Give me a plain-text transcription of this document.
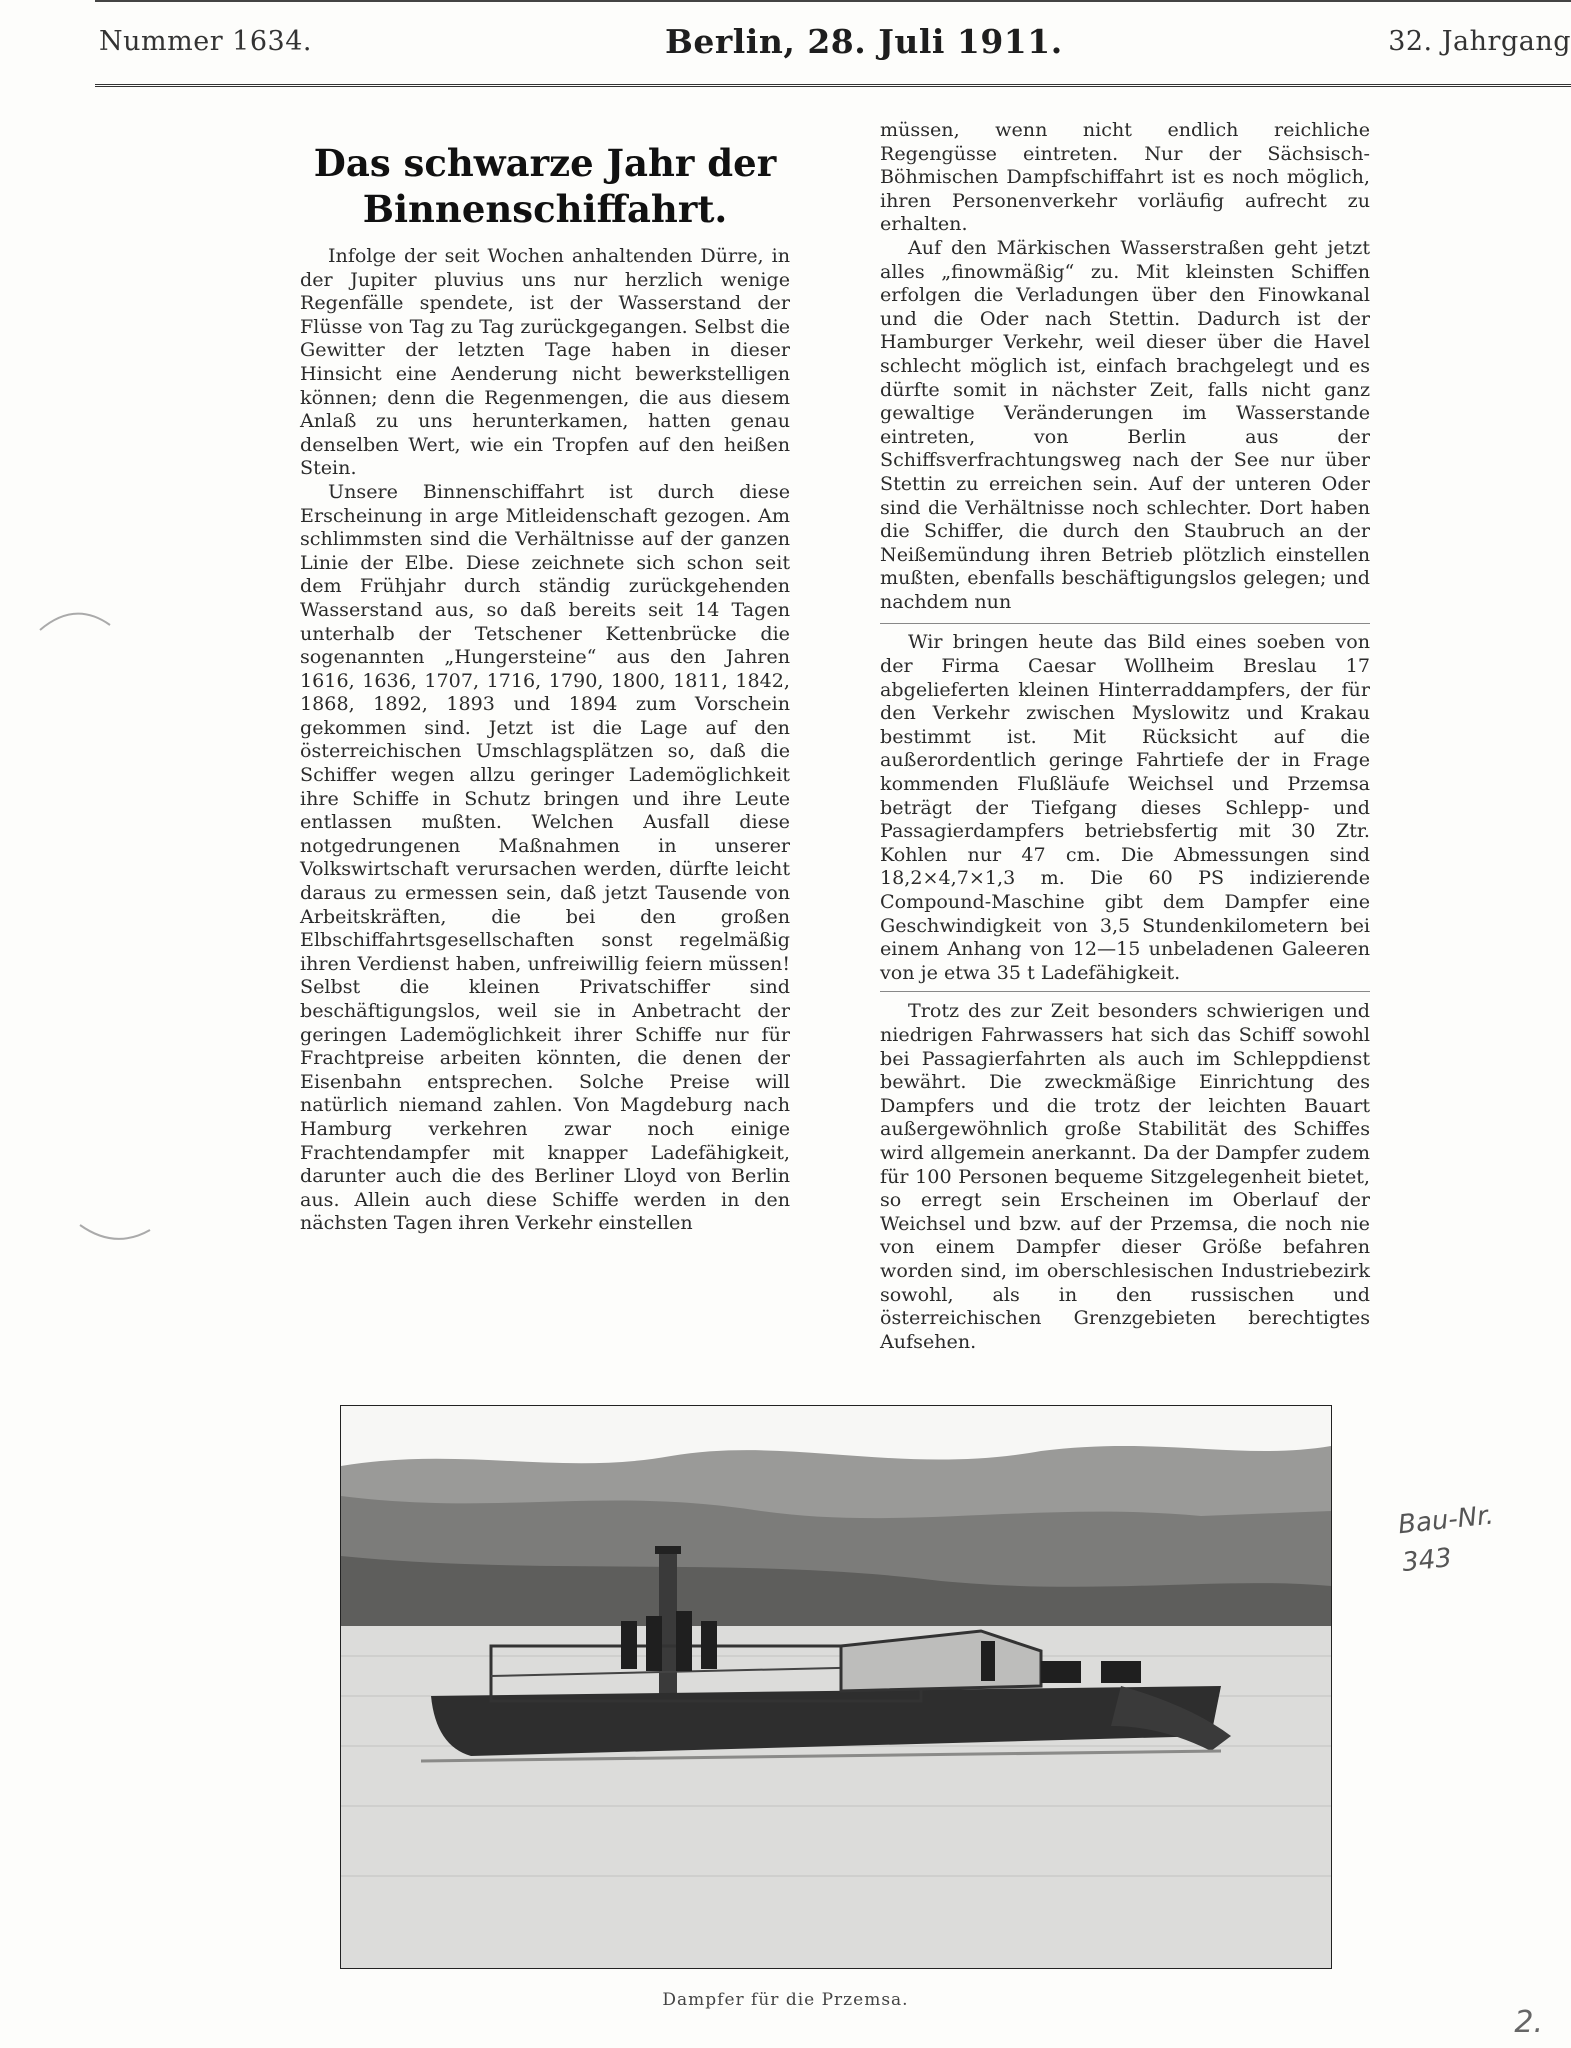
Nummer 1634.	Berlin, 28. Juli 1911.	32. Jahrgang
Das schwarze Jahr der Binnenschiffahrt.

Infolge der seit Wochen anhaltenden Dürre, in der Jupiter pluvius uns nur herzlich wenige Regenfälle spendete, ist der Wasserstand der Flüsse von Tag zu Tag zurückgegangen. Selbst die Gewitter der letzten Tage haben in dieser Hinsicht eine Aenderung nicht bewerkstelligen können; denn die Regenmengen, die aus diesem Anlaß zu uns herunterkamen, hatten genau denselben Wert, wie ein Tropfen auf den heißen Stein.

Unsere Binnenschiffahrt ist durch diese Erscheinung in arge Mitleidenschaft gezogen. Am schlimmsten sind die Verhältnisse auf der ganzen Linie der Elbe. Diese zeichnete sich schon seit dem Frühjahr durch ständig zurückgehenden Wasserstand aus, so daß bereits seit 14 Tagen unterhalb der Tetschener Kettenbrücke die sogenannten „Hungersteine“ aus den Jahren 1616, 1636, 1707, 1716, 1790, 1800, 1811, 1842, 1868, 1892, 1893 und 1894 zum Vorschein gekommen sind. Jetzt ist die Lage auf den österreichischen Umschlagsplätzen so, daß die Schiffer wegen allzu geringer Lademöglichkeit ihre Schiffe in Schutz bringen und ihre Leute entlassen mußten. Welchen Ausfall diese notgedrungenen Maßnahmen in unserer Volkswirtschaft verursachen werden, dürfte leicht daraus zu ermessen sein, daß jetzt Tausende von Arbeitskräften, die bei den großen Elbschiffahrtsgesellschaften sonst regelmäßig ihren Verdienst haben, unfreiwillig feiern müssen! Selbst die kleinen Privatschiffer sind beschäftigungslos, weil sie in Anbetracht der geringen Lademöglichkeit ihrer Schiffe nur für Frachtpreise arbeiten könnten, die denen der Eisenbahn entsprechen. Solche Preise will natürlich niemand zahlen. Von Magdeburg nach Hamburg verkehren zwar noch einige Frachtendampfer mit knapper Ladefähigkeit, darunter auch die des Berliner Lloyd von Berlin aus. Allein auch diese Schiffe werden in den nächsten Tagen ihren Verkehr einstellen

müssen, wenn nicht endlich reichliche Regengüsse eintreten. Nur der Sächsisch-Böhmischen Dampfschiffahrt ist es noch möglich, ihren Personenverkehr vorläufig aufrecht zu erhalten.

Auf den Märkischen Wasserstraßen geht jetzt alles „finowmäßig“ zu. Mit kleinsten Schiffen erfolgen die Verladungen über den Finowkanal und die Oder nach Stettin. Dadurch ist der Hamburger Verkehr, weil dieser über die Havel schlecht möglich ist, einfach brachgelegt und es dürfte somit in nächster Zeit, falls nicht ganz gewaltige Veränderungen im Wasserstande eintreten, von Berlin aus der Schiffsverfrachtungsweg nach der See nur über Stettin zu erreichen sein. Auf der unteren Oder sind die Verhältnisse noch schlechter. Dort haben die Schiffer, die durch den Staubruch an der Neißemündung ihren Betrieb plötzlich einstellen mußten, ebenfalls beschäftigungslos gelegen; und nachdem nun

Wir bringen heute das Bild eines soeben von der Firma Caesar Wollheim Breslau 17 abgelieferten kleinen Hinterraddampfers, der für den Verkehr zwischen Myslowitz und Krakau bestimmt ist. Mit Rücksicht auf die außerordentlich geringe Fahrtiefe der in Frage kommenden Flußläufe Weichsel und Przemsa beträgt der Tiefgang dieses Schlepp- und Passagierdampfers betriebsfertig mit 30 Ztr. Kohlen nur 47 cm. Die Abmessungen sind 18,2×4,7×1,3 m. Die 60 PS indizierende Compound-Maschine gibt dem Dampfer eine Geschwindigkeit von 3,5 Stundenkilometern bei einem Anhang von 12—15 unbeladenen Galeeren von je etwa 35 t Ladefähigkeit.

Trotz des zur Zeit besonders schwierigen und niedrigen Fahrwassers hat sich das Schiff sowohl bei Passagierfahrten als auch im Schleppdienst bewährt. Die zweckmäßige Einrichtung des Dampfers und die trotz der leichten Bauart außergewöhnlich große Stabilität des Schiffes wird allgemein anerkannt. Da der Dampfer zudem für 100 Personen bequeme Sitzgelegenheit bietet, so erregt sein Erscheinen im Oberlauf der Weichsel und bzw. auf der Przemsa, die noch nie von einem Dampfer dieser Größe befahren worden sind, im oberschlesischen Industriebezirk sowohl, als in den russischen und österreichischen Grenzgebieten berechtigtes Aufsehen.

Dampfer für die Przemsa.
Bau-Nr.
343
2.
